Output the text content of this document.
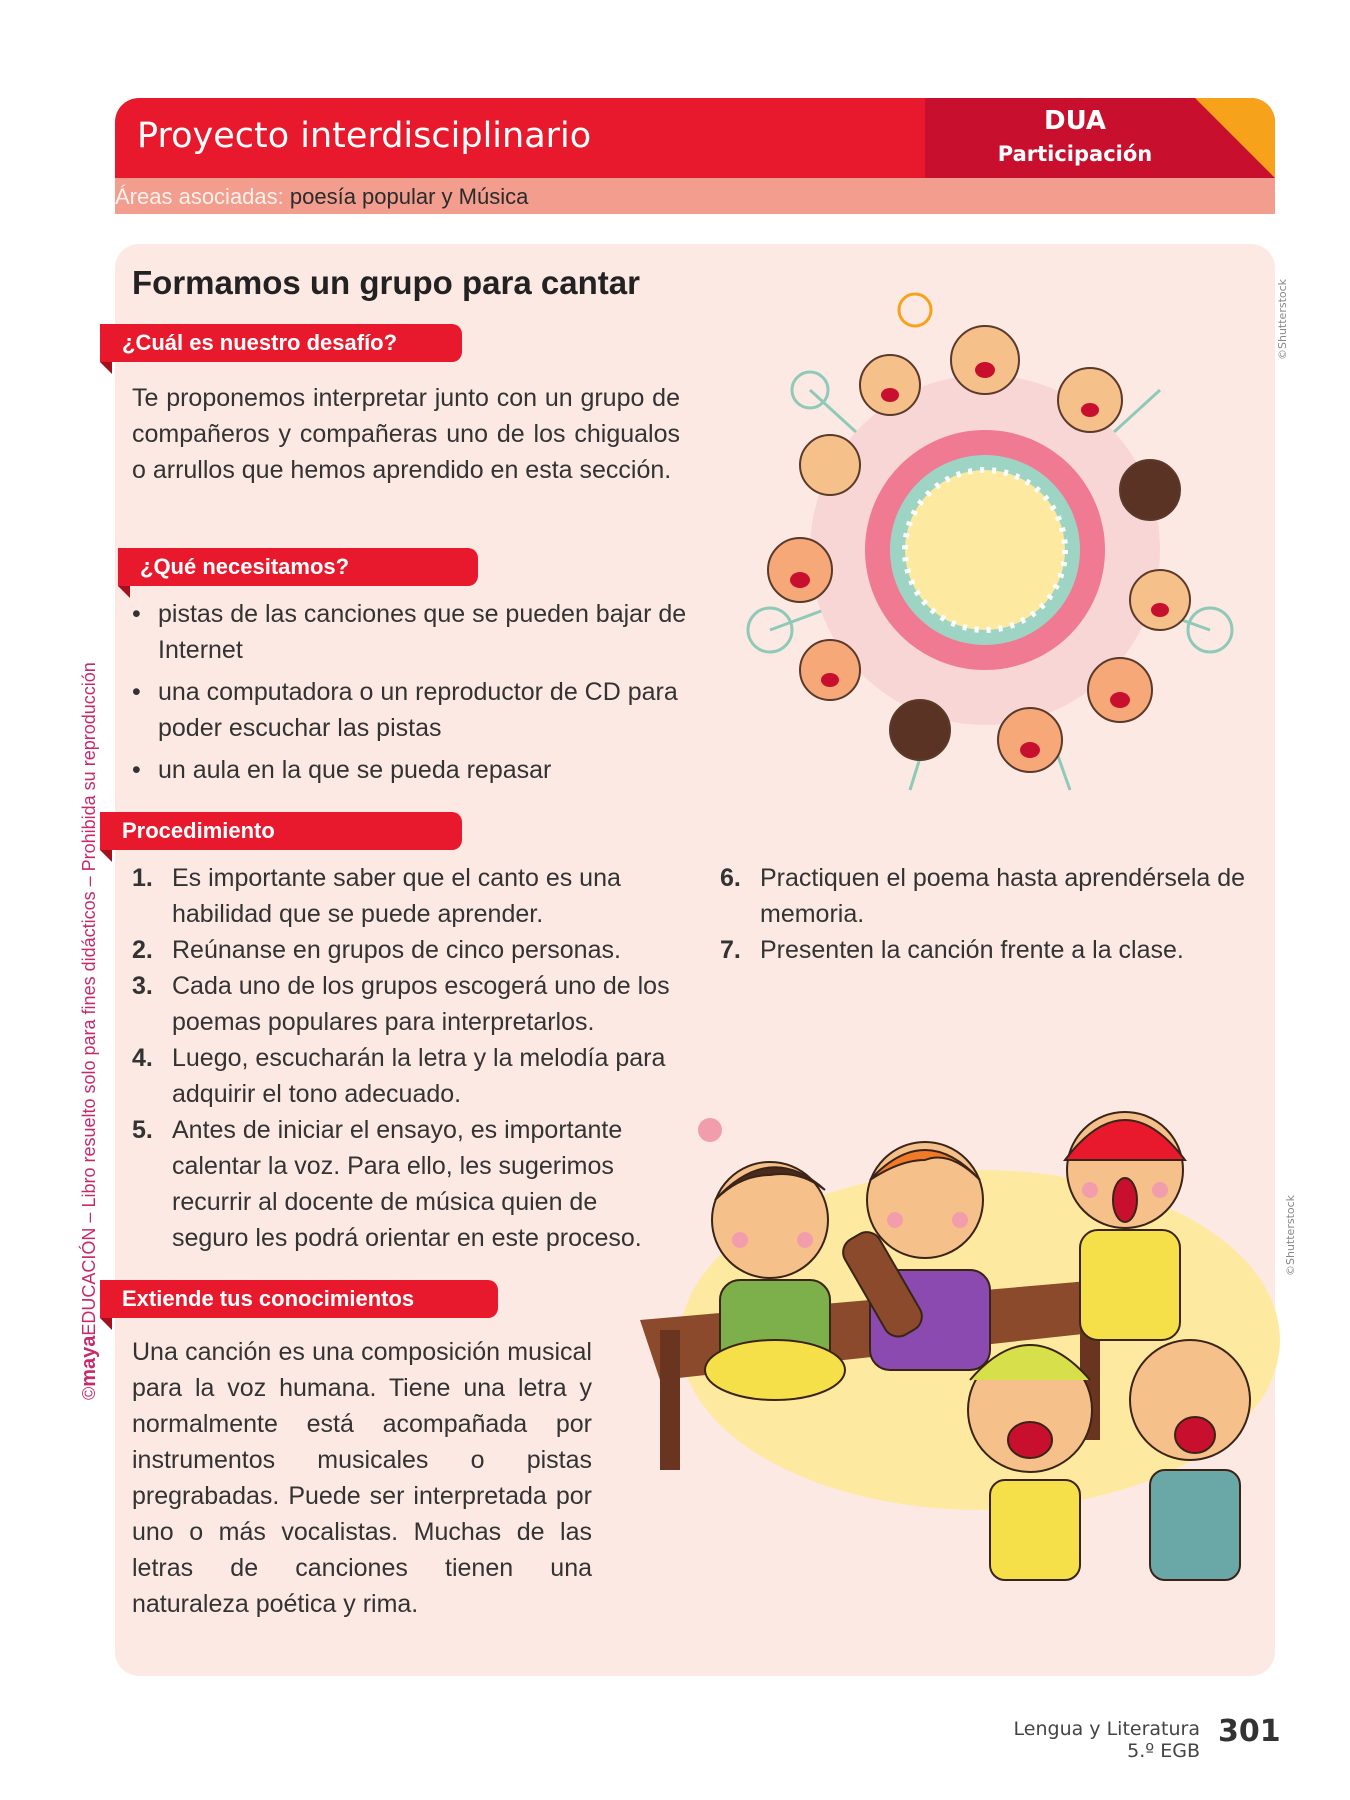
Proyecto interdisciplinario	DUA
Participación
Áreas asociadas: poesía popular y Música
©mayaEDUCACIÓN – Libro resuelto solo para fines didácticos – Prohibida su reproducción
©Shutterstock
©Shutterstock
Formamos un grupo para cantar
¿Cuál es nuestro desafío?
Te proponemos interpretar junto con un grupo de compañeros y compañeras uno de los chigualos o arrullos que hemos aprendido en esta sección.
¿Qué necesitamos?
• pistas de las canciones que se pueden bajar de Internet
• una computadora o un reproductor de CD para poder escuchar las pistas
• un aula en la que se pueda repasar
Procedimiento
1. Es importante saber que el canto es una habilidad que se puede aprender.
2. Reúnanse en grupos de cinco personas.
3. Cada uno de los grupos escogerá uno de los poemas populares para interpretarlos.
4. Luego, escucharán la letra y la melodía para adquirir el tono adecuado.
5. Antes de iniciar el ensayo, es importante calentar la voz. Para ello, les sugerimos recurrir al docente de música quien de seguro les podrá orientar en este proceso.
6. Practiquen el poema hasta aprendérsela de memoria.
7. Presenten la canción frente a la clase.
Extiende tus conocimientos
Una canción es una composición musical para la voz humana. Tiene una letra y normalmente está acompañada por instrumentos musicales o pistas pregrabadas. Puede ser interpretada por uno o más vocalistas. Muchas de las letras de canciones tienen una naturaleza poética y rima.
Lengua y Literatura
5.º EGB
301
